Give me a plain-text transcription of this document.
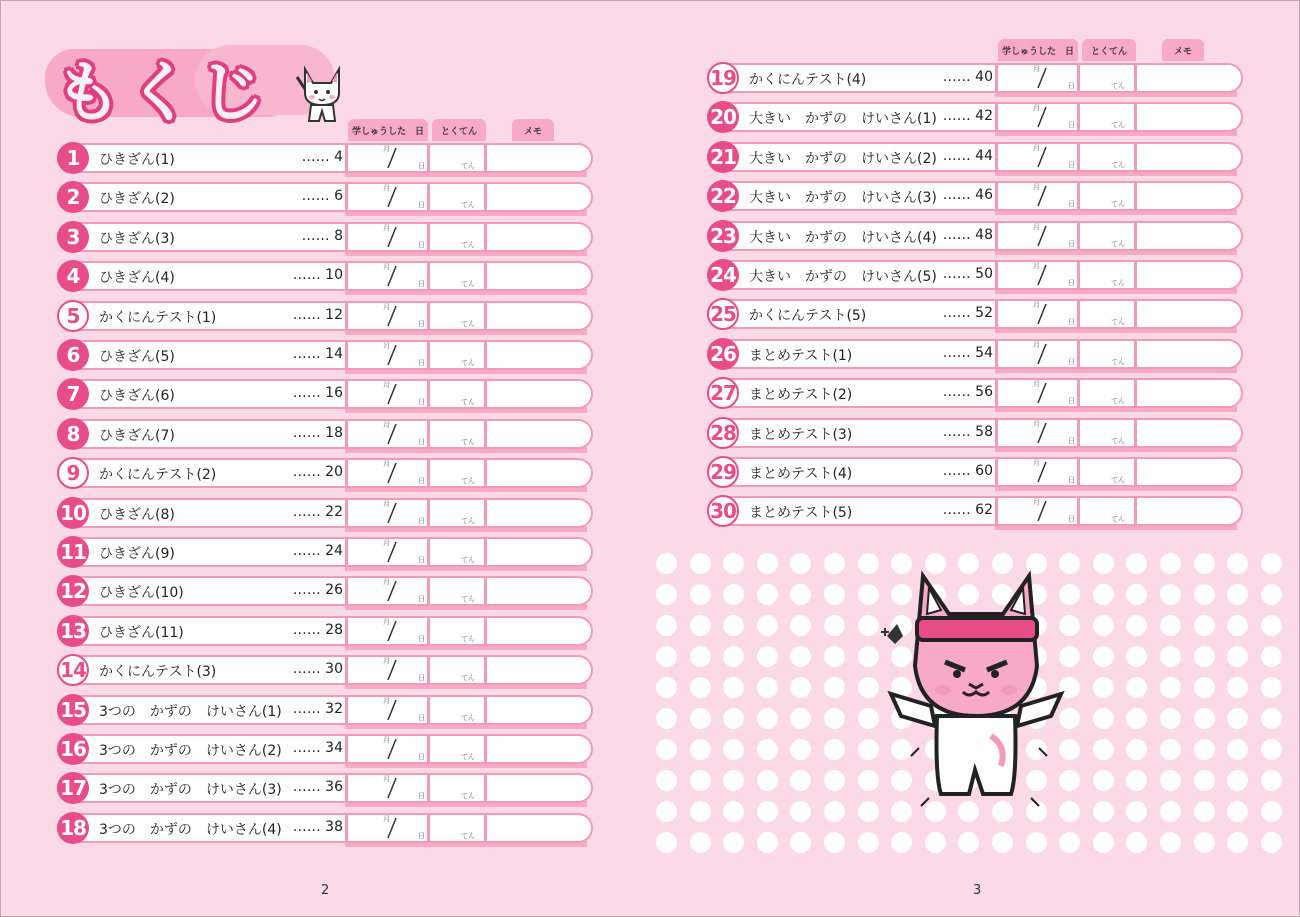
もくじ
学しゅうした　日	とくてん	メモ
1	ひきざん(1)	…… 4	月
日	てん
2	ひきざん(2)	…… 6	月
日	てん
3	ひきざん(3)	…… 8	月
日	てん
4	ひきざん(4)	…… 10	月
日	てん
5	かくにんテスト(1)	…… 12	月
日	てん
6	ひきざん(5)	…… 14	月
日	てん
7	ひきざん(6)	…… 16	月
日	てん
8	ひきざん(7)	…… 18	月
日	てん
9	かくにんテスト(2)	…… 20	月
日	てん
10 ひきざん(8)	…… 22	月
日	てん
11 ひきざん(9)	…… 24	月
日	てん
12 ひきざん(10)	…… 26	月
日	てん
13 ひきざん(11)	…… 28	月
日	てん
14 かくにんテスト(3)	…… 30	月
日	てん
15 3つの　かずの　けいさん(1) …… 32	月
日	てん
16 3つの　かずの　けいさん(2) …… 34	月
日	てん
17 3つの　かずの　けいさん(3) …… 36	月
日	てん
18 3つの　かずの　けいさん(4) …… 38	月
日	てん
2
学しゅうした　日	とくてん	メモ
19 かくにんテスト(4)	…… 40	月
日	てん
20 大きい　かずの　けいさん(1) …… 42	月
日	てん
21 大きい　かずの　けいさん(2) …… 44	月
日	てん
22 大きい　かずの　けいさん(3) …… 46	月
日	てん
23 大きい　かずの　けいさん(4) …… 48	月
日	てん
24 大きい　かずの　けいさん(5) …… 50	月
日	てん
25 かくにんテスト(5)	…… 52	月
日	てん
26 まとめテスト(1)	…… 54	月
日	てん
27 まとめテスト(2)	…… 56	月
日	てん
28 まとめテスト(3)	…… 58	月
日	てん
29 まとめテスト(4)	…… 60	月
日	てん
30 まとめテスト(5)	…… 62	月
日	てん
3
